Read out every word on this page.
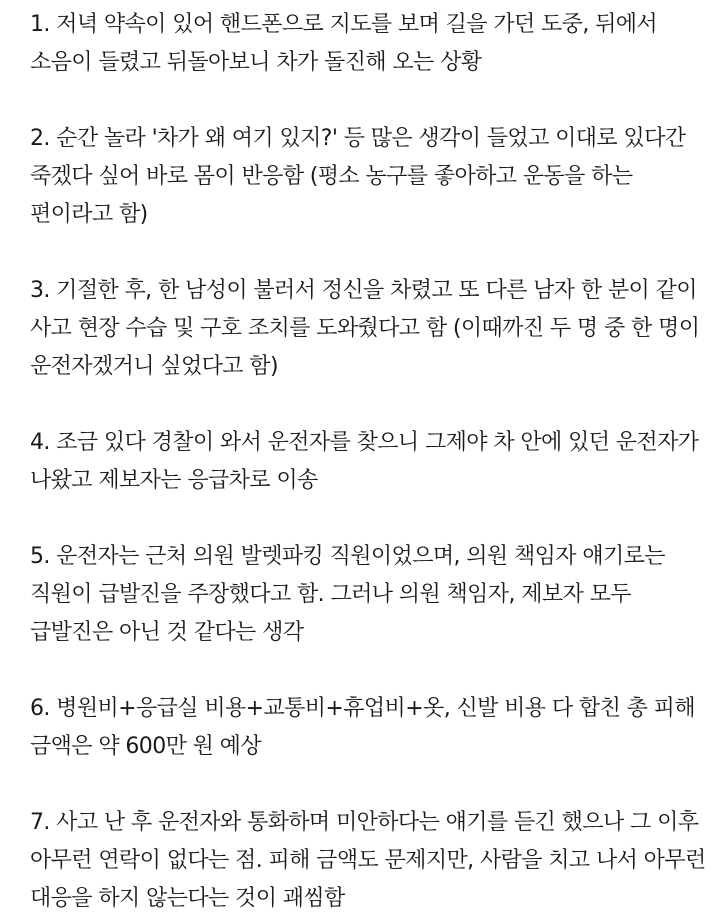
1. 저녁 약속이 있어 핸드폰으로 지도를 보며 길을 가던 도중, 뒤에서 소음이 들렸고 뒤돌아보니 차가 돌진해 오는 상황

2. 순간 놀라 '차가 왜 여기 있지?' 등 많은 생각이 들었고 이대로 있다간 죽겠다 싶어 바로 몸이 반응함 (평소 농구를 좋아하고 운동을 하는 편이라고 함)

3. 기절한 후, 한 남성이 불러서 정신을 차렸고 또 다른 남자 한 분이 같이 사고 현장 수습 및 구호 조치를 도와줬다고 함 (이때까진 두 명 중 한 명이 운전자겠거니 싶었다고 함)

4. 조금 있다 경찰이 와서 운전자를 찾으니 그제야 차 안에 있던 운전자가 나왔고 제보자는 응급차로 이송

5. 운전자는 근처 의원 발렛파킹 직원이었으며, 의원 책임자 얘기로는 직원이 급발진을 주장했다고 함. 그러나 의원 책임자, 제보자 모두 급발진은 아닌 것 같다는 생각

6. 병원비+응급실 비용+교통비+휴업비+옷, 신발 비용 다 합친 총 피해 금액은 약 600만 원 예상

7. 사고 난 후 운전자와 통화하며 미안하다는 얘기를 듣긴 했으나 그 이후 아무런 연락이 없다는 점. 피해 금액도 문제지만, 사람을 치고 나서 아무런 대응을 하지 않는다는 것이 괘씸함
